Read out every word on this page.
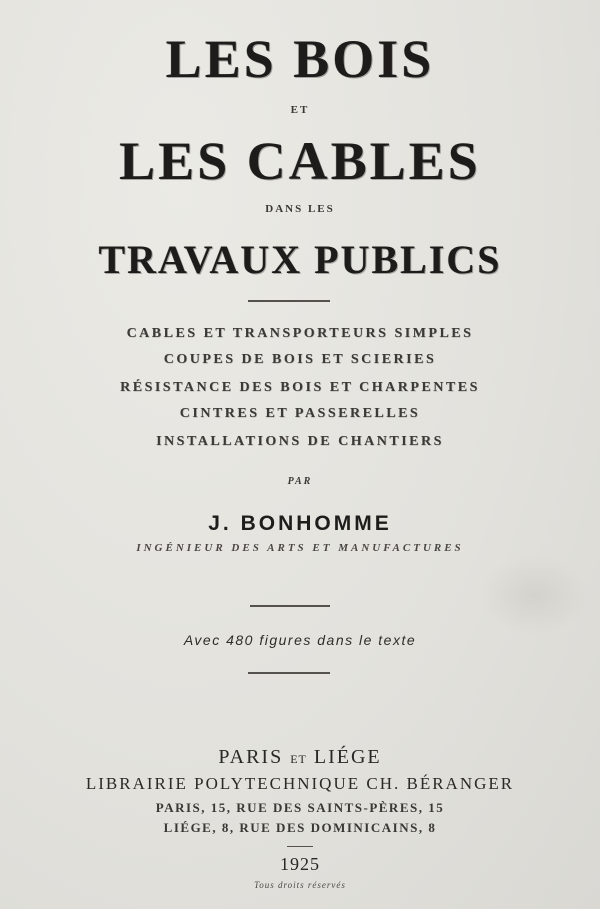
LES BOIS
ET
LES CABLES
DANS LES
TRAVAUX PUBLICS
CABLES ET TRANSPORTEURS SIMPLES
COUPES DE BOIS ET SCIERIES
RÉSISTANCE DES BOIS ET CHARPENTES
CINTRES ET PASSERELLES
INSTALLATIONS DE CHANTIERS
PAR
J. BONHOMME
INGÉNIEUR DES ARTS ET MANUFACTURES
Avec 480 figures dans le texte
PARIS ET LIÉGE
LIBRAIRIE POLYTECHNIQUE CH. BÉRANGER
PARIS, 15, RUE DES SAINTS-PÈRES, 15
LIÉGE, 8, RUE DES DOMINICAINS, 8
1925
Tous droits réservés
